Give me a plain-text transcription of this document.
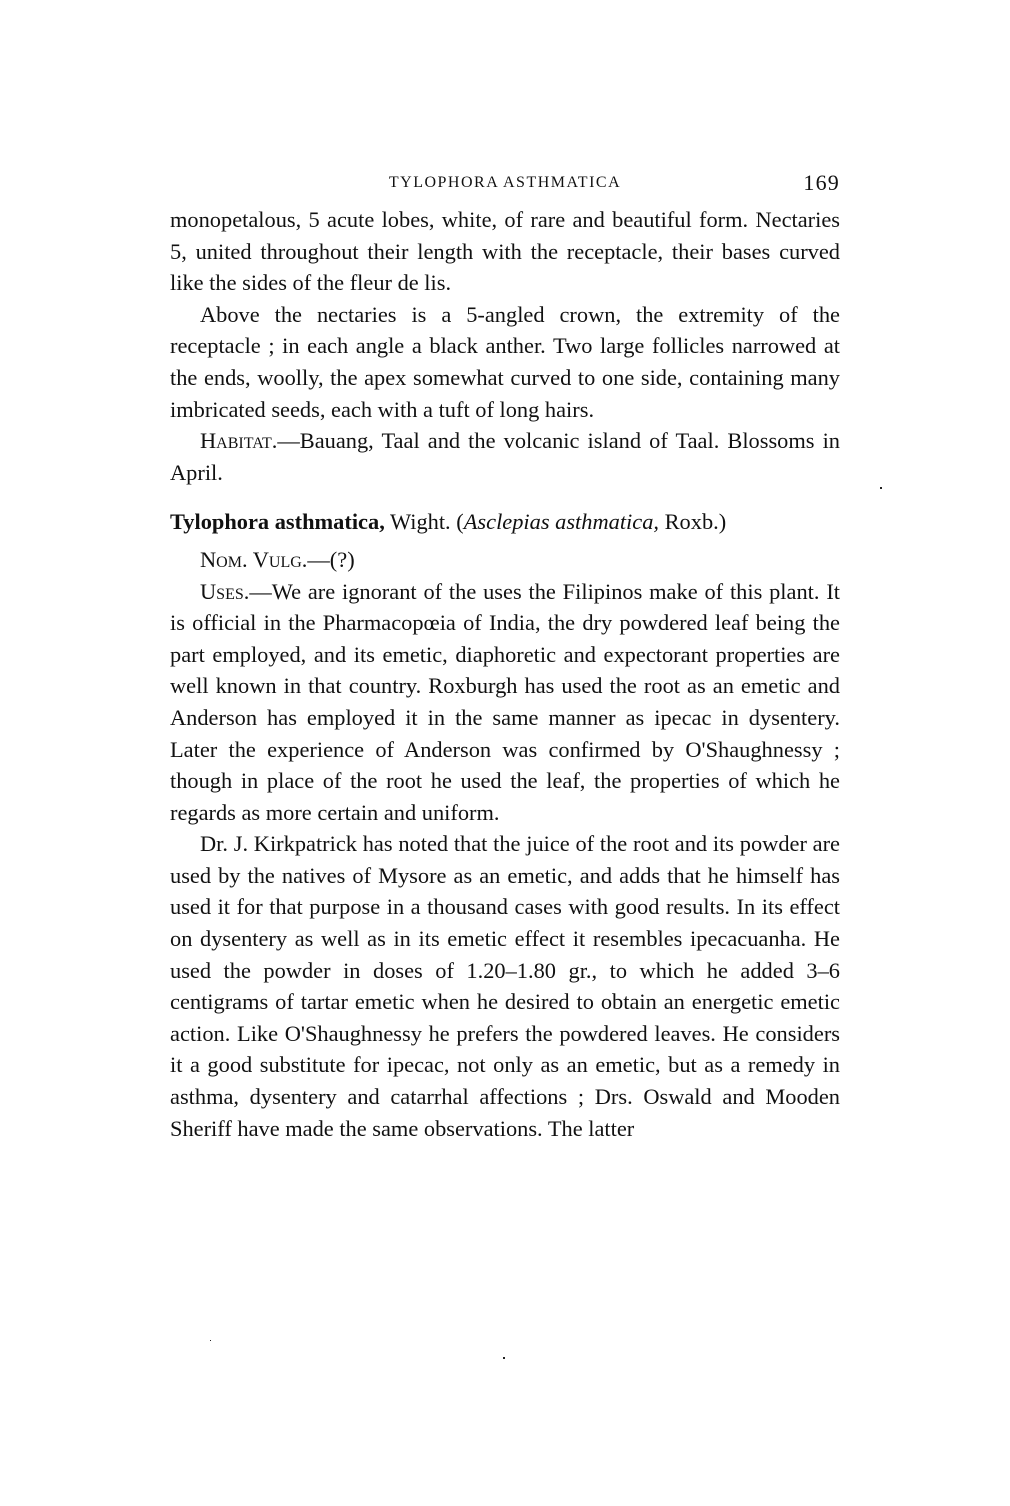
TYLOPHORA ASTHMATICA	169

monopetalous, 5 acute lobes, white, of rare and beautiful form. Nectaries 5, united throughout their length with the receptacle, their bases curved like the sides of the fleur de lis.

Above the nectaries is a 5-angled crown, the extremity of the receptacle ; in each angle a black anther. Two large follicles narrowed at the ends, woolly, the apex somewhat curved to one side, containing many imbricated seeds, each with a tuft of long hairs.

Habitat.—Bauang, Taal and the volcanic island of Taal. Blossoms in April.

Tylophora asthmatica, Wight. (Asclepias asthmatica, Roxb.)

Nom. Vulg.—(?)

Uses.—We are ignorant of the uses the Filipinos make of this plant. It is official in the Pharmacopœia of India, the dry powdered leaf being the part employed, and its emetic, diaphoretic and expectorant properties are well known in that country. Roxburgh has used the root as an emetic and Anderson has employed it in the same manner as ipecac in dysentery. Later the experience of Anderson was confirmed by O'Shaughnessy ; though in place of the root he used the leaf, the properties of which he regards as more certain and uniform.

Dr. J. Kirkpatrick has noted that the juice of the root and its powder are used by the natives of Mysore as an emetic, and adds that he himself has used it for that purpose in a thousand cases with good results. In its effect on dysentery as well as in its emetic effect it resembles ipecacuanha. He used the powder in doses of 1.20–1.80 gr., to which he added 3–6 centigrams of tartar emetic when he desired to obtain an energetic emetic action. Like O'Shaughnessy he prefers the powdered leaves. He considers it a good substitute for ipecac, not only as an emetic, but as a remedy in asthma, dysentery and catarrhal affections ; Drs. Oswald and Mooden Sheriff have made the same observations. The latter
